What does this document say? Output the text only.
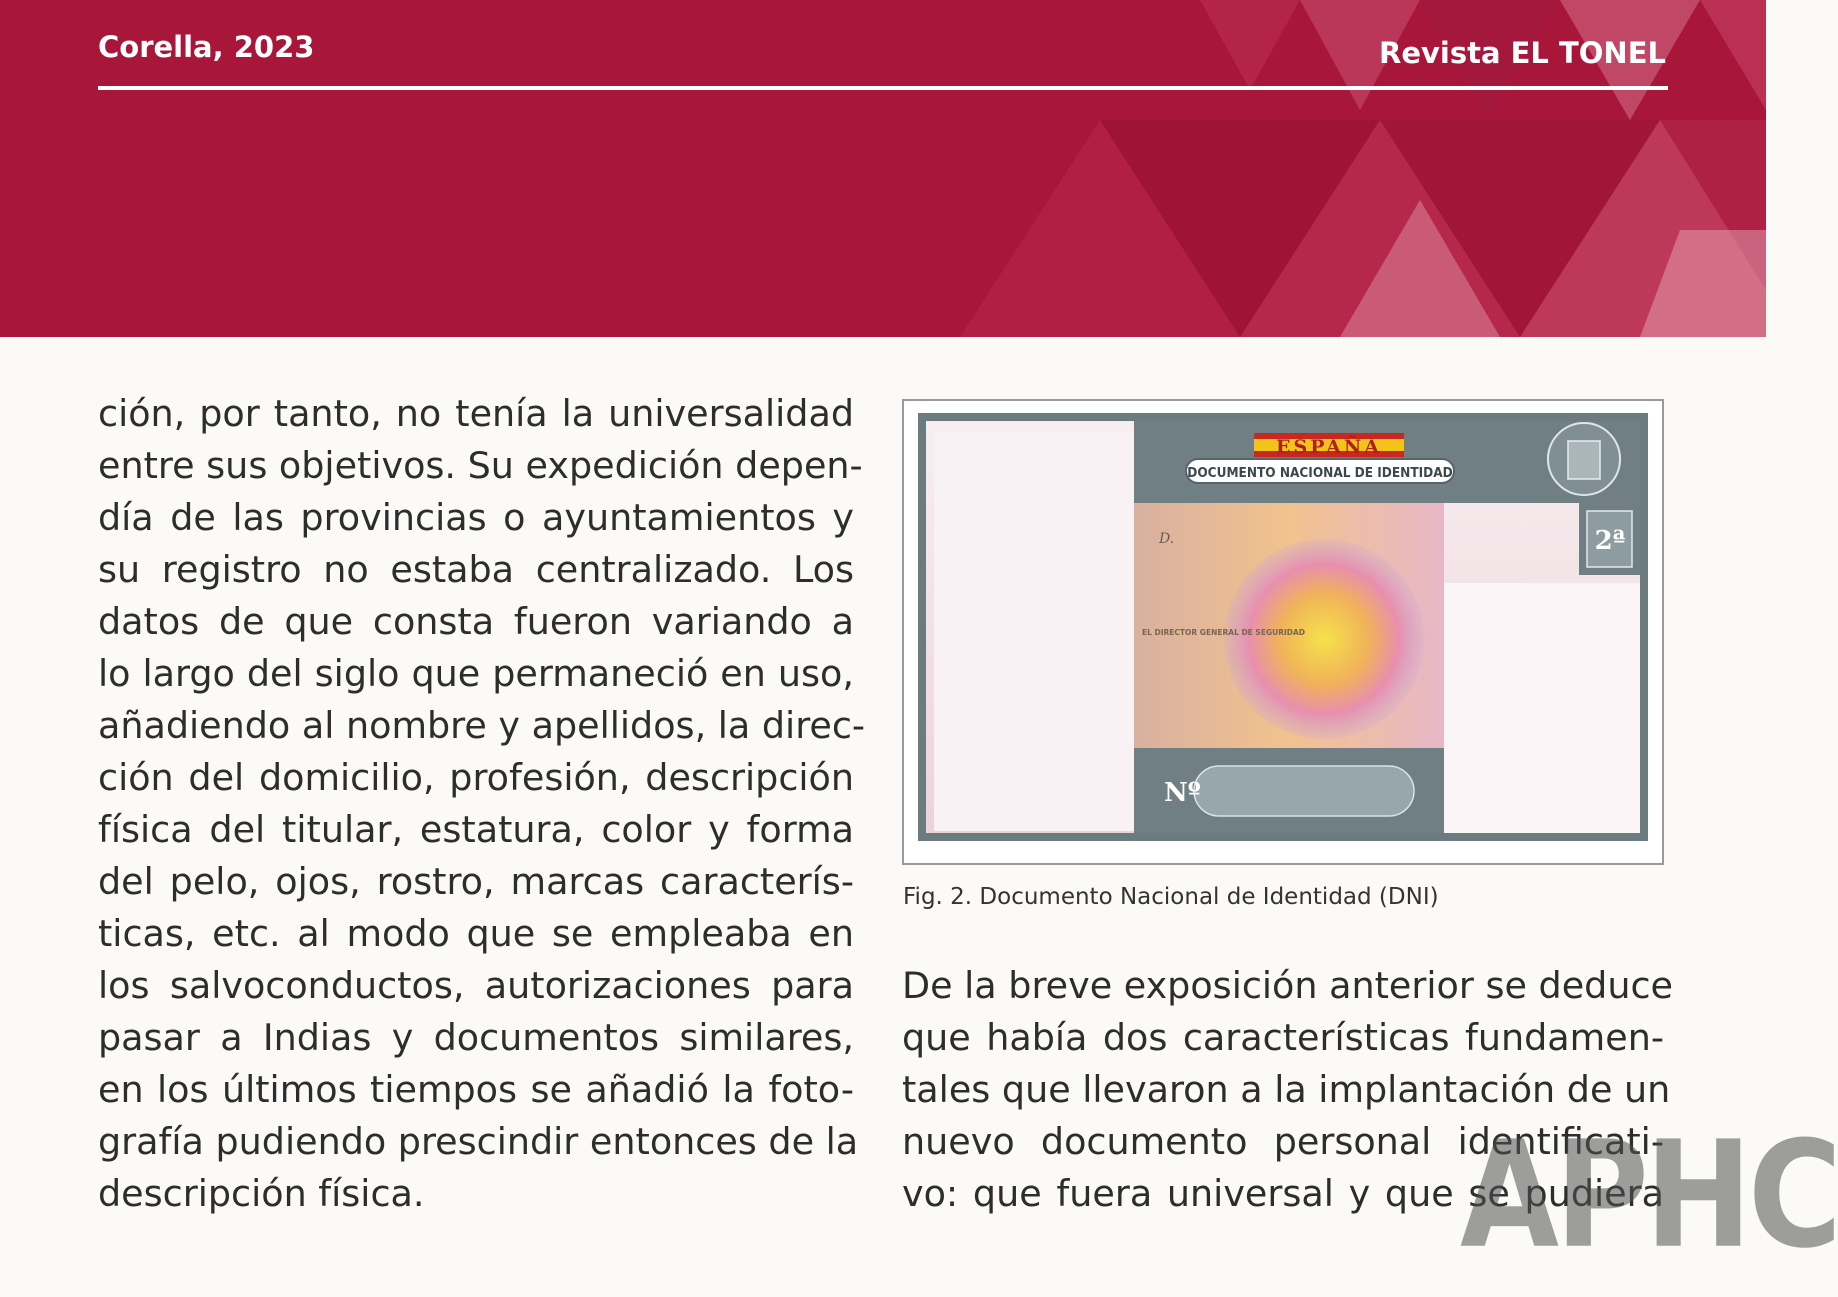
Corella, 2023	Revista EL TONEL
ción, por tanto, no tenía la universalidad
entre sus objetivos. Su expedición depen-
día de las provincias o ayuntamientos y
su registro no estaba centralizado. Los
datos de que consta fueron variando a
lo largo del siglo que permaneció en uso,
añadiendo al nombre y apellidos, la direc-
ción del domicilio, profesión, descripción
física del titular, estatura, color y forma
del pelo, ojos, rostro, marcas caracterís-
ticas, etc. al modo que se empleaba en
los salvoconductos, autorizaciones para
pasar a Indias y documentos similares,
en los últimos tiempos se añadió la foto-
grafía pudiendo prescindir entonces de la
descripción física.
2ª
Nº
ESPAÑA
DOCUMENTO NACIONAL DE IDENTIDAD
D.
EL DIRECTOR GENERAL DE SEGURIDAD
Fig. 2. Documento Nacional de Identidad (DNI)
De la breve exposición anterior se deduce
que había dos características fundamen-
tales que llevaron a la implantación de un
nuevo documento personal identificati-
vo: que fuera universal y que se pudiera
APHC
